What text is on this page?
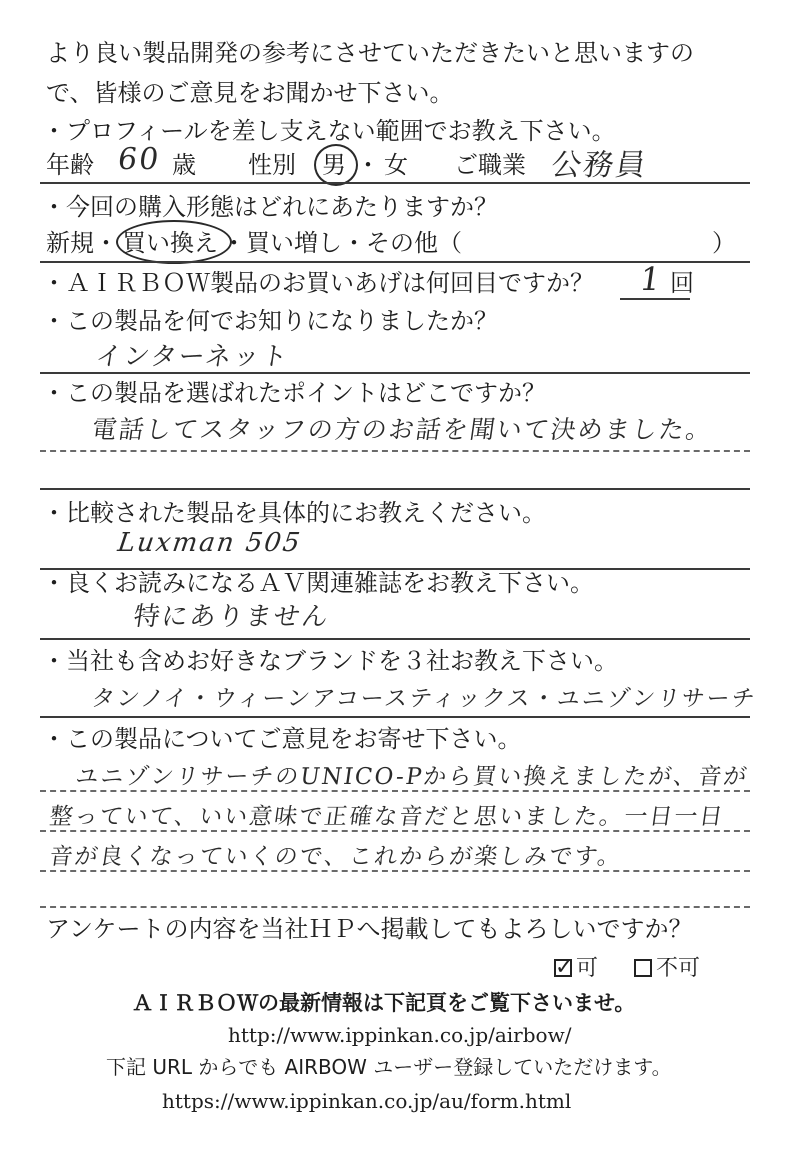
より良い製品開発の参考にさせていただきたいと思いますの
で、皆様のご意見をお聞かせ下さい。
・プロフィールを差し支えない範囲でお教え下さい。
年齢 60 歳 性別 男 ・ 女 ご職業 公務員
・今回の購入形態はどれにあたりますか？
新規・ 買い換え ・買い増し・その他（	）
・ＡＩＲＢＯＷ製品のお買いあげは何回目ですか？ 1 回
・この製品を何でお知りになりましたか？
インターネット
・この製品を選ばれたポイントはどこですか？
電話してスタッフの方のお話を聞いて決めました。
・比較された製品を具体的にお教えください。
Luxman 505
・良くお読みになるＡＶ関連雑誌をお教え下さい。
特にありません
・当社も含めお好きなブランドを３社お教え下さい。
タンノイ・ウィーンアコースティックス・ユニゾンリサーチ
・この製品についてご意見をお寄せ下さい。
ユニゾンリサーチのUNICO-Pから買い換えましたが、音が
整っていて、いい意味で正確な音だと思いました。一日一日
音が良くなっていくので、これからが楽しみです。
アンケートの内容を当社ＨＰへ掲載してもよろしいですか？
✓可	不可
ＡＩＲＢＯＷの最新情報は下記頁をご覧下さいませ。
http://www.ippinkan.co.jp/airbow/
下記 URL からでも AIRBOW ユーザー登録していただけます。
https://www.ippinkan.co.jp/au/form.html
